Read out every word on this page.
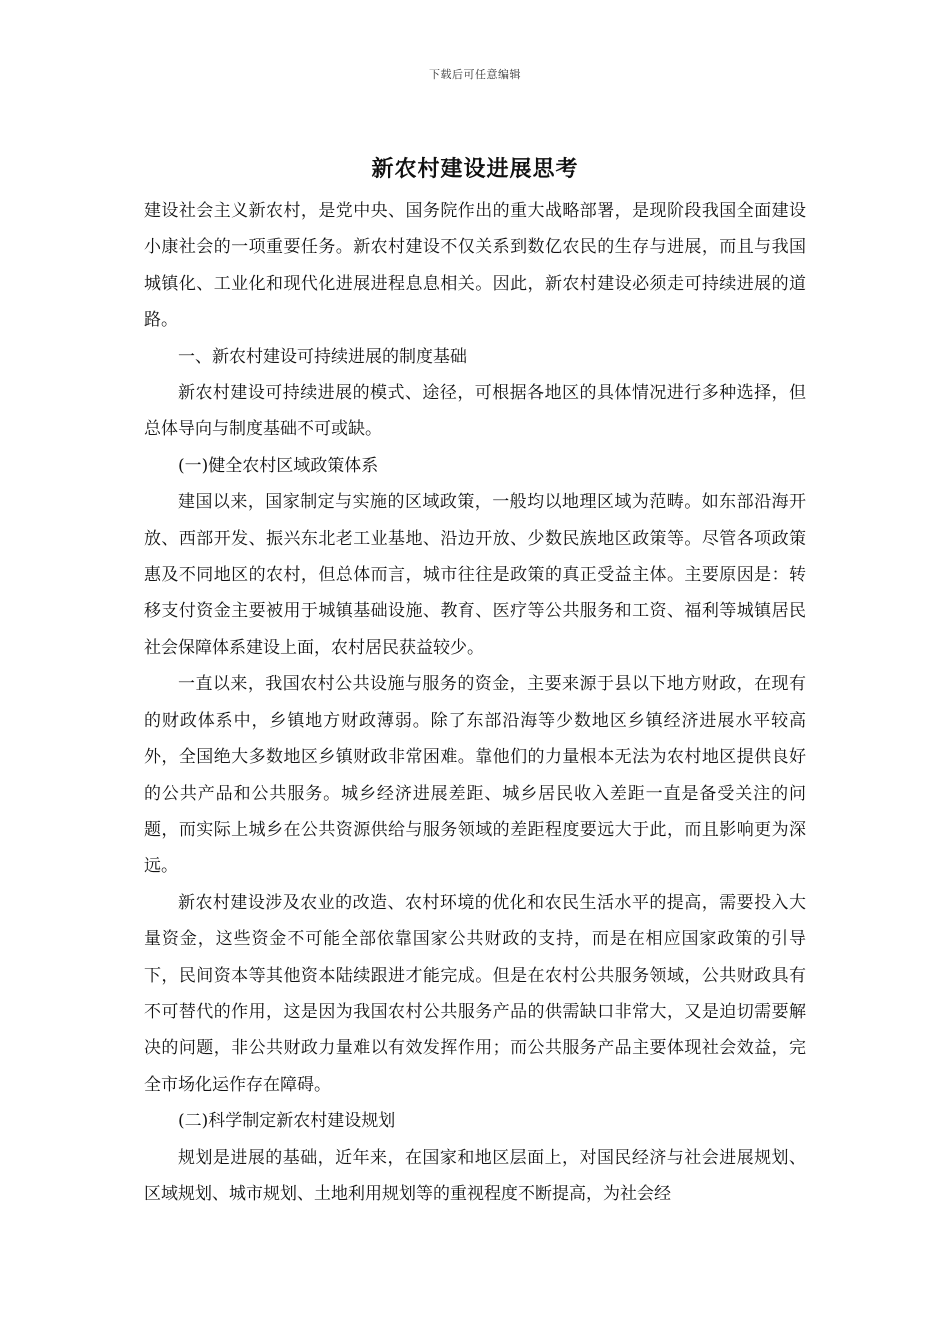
下载后可任意编辑
新农村建设进展思考

建设社会主义新农村，是党中央、国务院作出的重大战略部署，是现阶段我国全面建设小康社会的一项重要任务。新农村建设不仅关系到数亿农民的生存与进展，而且与我国城镇化、工业化和现代化进展进程息息相关。因此，新农村建设必须走可持续进展的道路。

一、新农村建设可持续进展的制度基础

新农村建设可持续进展的模式、途径，可根据各地区的具体情况进行多种选择，但总体导向与制度基础不可或缺。

(一)健全农村区域政策体系

建国以来，国家制定与实施的区域政策，一般均以地理区域为范畴。如东部沿海开放、西部开发、振兴东北老工业基地、沿边开放、少数民族地区政策等。尽管各项政策惠及不同地区的农村，但总体而言，城市往往是政策的真正受益主体。主要原因是：转移支付资金主要被用于城镇基础设施、教育、医疗等公共服务和工资、福利等城镇居民社会保障体系建设上面，农村居民获益较少。

一直以来，我国农村公共设施与服务的资金，主要来源于县以下地方财政，在现有的财政体系中，乡镇地方财政薄弱。除了东部沿海等少数地区乡镇经济进展水平较高外，全国绝大多数地区乡镇财政非常困难。靠他们的力量根本无法为农村地区提供良好的公共产品和公共服务。城乡经济进展差距、城乡居民收入差距一直是备受关注的问题，而实际上城乡在公共资源供给与服务领域的差距程度要远大于此，而且影响更为深远。

新农村建设涉及农业的改造、农村环境的优化和农民生活水平的提高，需要投入大量资金，这些资金不可能全部依靠国家公共财政的支持，而是在相应国家政策的引导下，民间资本等其他资本陆续跟进才能完成。但是在农村公共服务领域，公共财政具有不可替代的作用，这是因为我国农村公共服务产品的供需缺口非常大，又是迫切需要解决的问题，非公共财政力量难以有效发挥作用；而公共服务产品主要体现社会效益，完全市场化运作存在障碍。

(二)科学制定新农村建设规划

规划是进展的基础，近年来，在国家和地区层面上，对国民经济与社会进展规划、区域规划、城市规划、土地利用规划等的重视程度不断提高，为社会经
